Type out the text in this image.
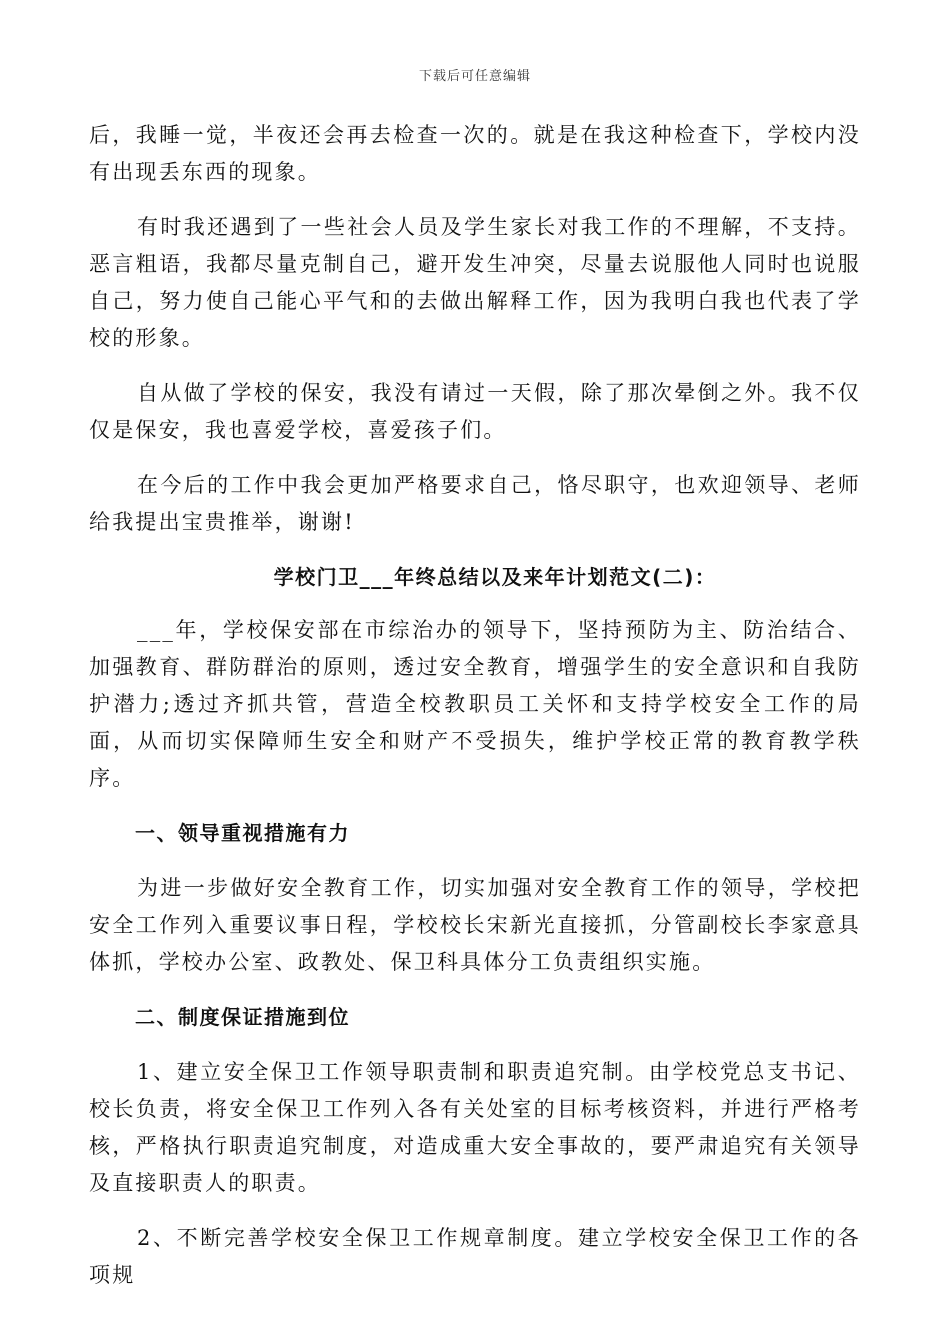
下载后可任意编辑

后，我睡一觉，半夜还会再去检查一次的。就是在我这种检查下，学校内没有出现丢东西的现象。

有时我还遇到了一些社会人员及学生家长对我工作的不理解，不支持。恶言粗语，我都尽量克制自己，避开发生冲突，尽量去说服他人同时也说服自己，努力使自己能心平气和的去做出解释工作，因为我明白我也代表了学校的形象。

自从做了学校的保安，我没有请过一天假，除了那次晕倒之外。我不仅仅是保安，我也喜爱学校，喜爱孩子们。

在今后的工作中我会更加严格要求自己，恪尽职守，也欢迎领导、老师给我提出宝贵推举，谢谢!

学校门卫___年终总结以及来年计划范文(二)：

___年，学校保安部在市综治办的领导下，坚持预防为主、防治结合、加强教育、群防群治的原则，透过安全教育，增强学生的安全意识和自我防护潜力;透过齐抓共管，营造全校教职员工关怀和支持学校安全工作的局面，从而切实保障师生安全和财产不受损失，维护学校正常的教育教学秩序。

一、领导重视措施有力

为进一步做好安全教育工作，切实加强对安全教育工作的领导，学校把安全工作列入重要议事日程，学校校长宋新光直接抓，分管副校长李家意具体抓，学校办公室、政教处、保卫科具体分工负责组织实施。

二、制度保证措施到位

1、建立安全保卫工作领导职责制和职责追究制。由学校党总支书记、校长负责，将安全保卫工作列入各有关处室的目标考核资料，并进行严格考核，严格执行职责追究制度，对造成重大安全事故的，要严肃追究有关领导及直接职责人的职责。

2、不断完善学校安全保卫工作规章制度。建立学校安全保卫工作的各项规
